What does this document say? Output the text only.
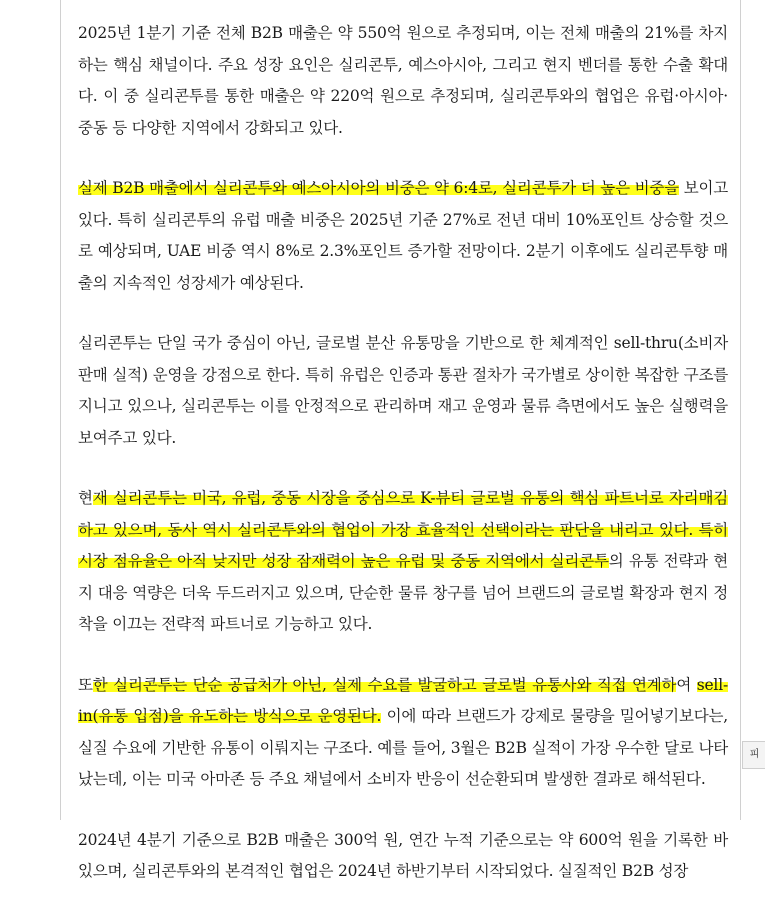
2025년 1분기 기준 전체 B2B 매출은 약 550억 원으로 추정되며, 이는 전체 매출의 21%를 차지하는 핵심 채널이다. 주요 성장 요인은 실리콘투, 예스아시아, 그리고 현지 벤더를 통한 수출 확대다. 이 중 실리콘투를 통한 매출은 약 220억 원으로 추정되며, 실리콘투와의 협업은 유럽·아시아·중동 등 다양한 지역에서 강화되고 있다.

실제 B2B 매출에서 실리콘투와 예스아시아의 비중은 약 6:4로, 실리콘투가 더 높은 비중을 보이고 있다. 특히 실리콘투의 유럽 매출 비중은 2025년 기준 27%로 전년 대비 10%포인트 상승할 것으로 예상되며, UAE 비중 역시 8%로 2.3%포인트 증가할 전망이다. 2분기 이후에도 실리콘투향 매출의 지속적인 성장세가 예상된다.

실리콘투는 단일 국가 중심이 아닌, 글로벌 분산 유통망을 기반으로 한 체계적인 sell-thru(소비자 판매 실적) 운영을 강점으로 한다. 특히 유럽은 인증과 통관 절차가 국가별로 상이한 복잡한 구조를 지니고 있으나, 실리콘투는 이를 안정적으로 관리하며 재고 운영과 물류 측면에서도 높은 실행력을 보여주고 있다.

현재 실리콘투는 미국, 유럽, 중동 시장을 중심으로 K-뷰티 글로벌 유통의 핵심 파트너로 자리매김하고 있으며, 동사 역시 실리콘투와의 협업이 가장 효율적인 선택이라는 판단을 내리고 있다. 특히 시장 점유율은 아직 낮지만 성장 잠재력이 높은 유럽 및 중동 지역에서 실리콘투의 유통 전략과 현지 대응 역량은 더욱 두드러지고 있으며, 단순한 물류 창구를 넘어 브랜드의 글로벌 확장과 현지 정착을 이끄는 전략적 파트너로 기능하고 있다.

또한 실리콘투는 단순 공급처가 아닌, 실제 수요를 발굴하고 글로벌 유통사와 직접 연계하여 sell-in(유통 입점)을 유도하는 방식으로 운영된다. 이에 따라 브랜드가 강제로 물량을 밀어넣기보다는, 실질 수요에 기반한 유통이 이뤄지는 구조다. 예를 들어, 3월은 B2B 실적이 가장 우수한 달로 나타났는데, 이는 미국 아마존 등 주요 채널에서 소비자 반응이 선순환되며 발생한 결과로 해석된다.

2024년 4분기 기준으로 B2B 매출은 300억 원, 연간 누적 기준으로는 약 600억 원을 기록한 바 있으며, 실리콘투와의 본격적인 협업은 2024년 하반기부터 시작되었다. 실질적인 B2B 성장

피
